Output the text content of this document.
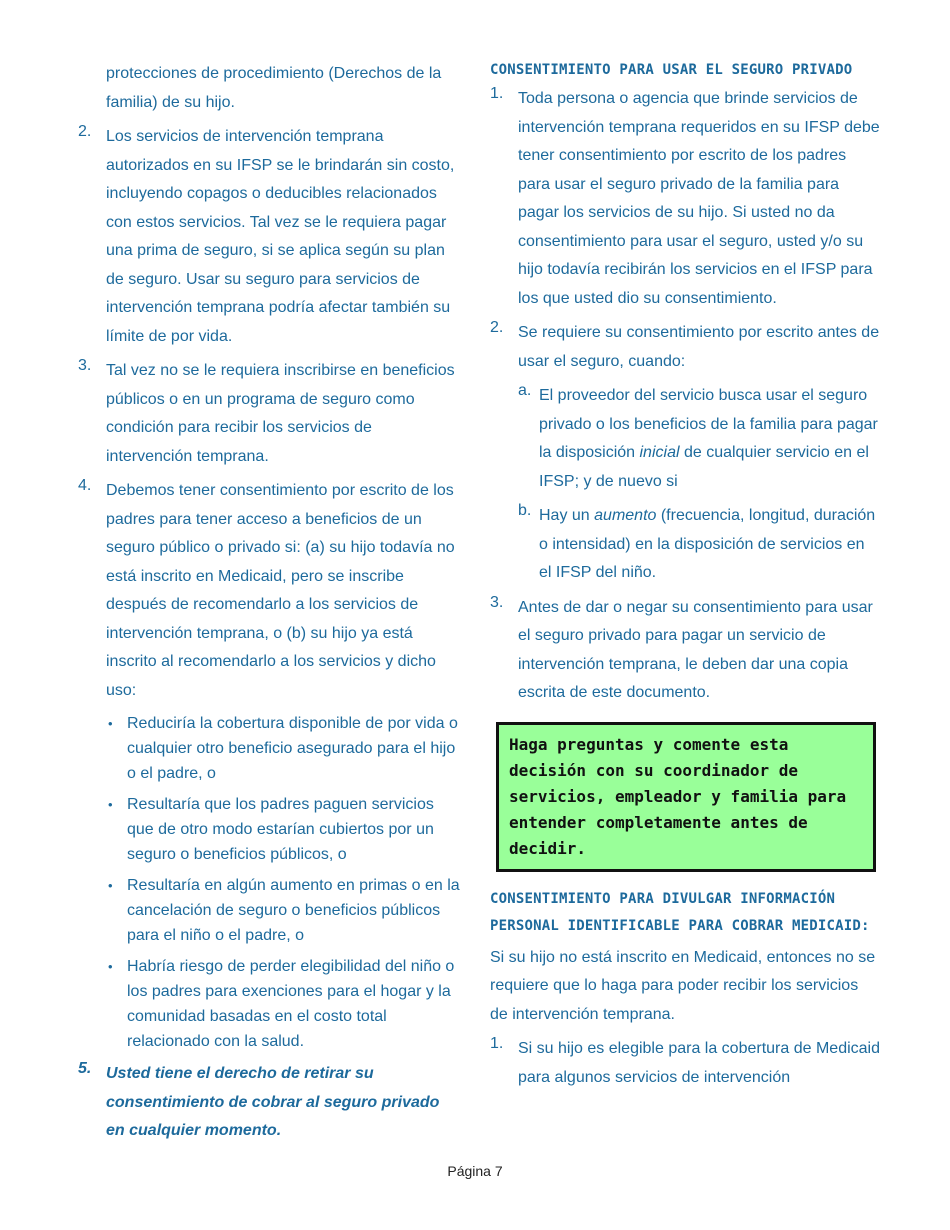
protecciones de procedimiento (Derechos de la familia) de su hijo.

2. Los servicios de intervención temprana autorizados en su IFSP se le brindarán sin costo, incluyendo copagos o deducibles relacionados con estos servicios. Tal vez se le requiera pagar una prima de seguro, si se aplica según su plan de seguro. Usar su seguro para servicios de intervención temprana podría afectar también su límite de por vida.

3. Tal vez no se le requiera inscribirse en beneficios públicos o en un programa de seguro como condición para recibir los servicios de intervención temprana.

4. Debemos tener consentimiento por escrito de los padres para tener acceso a beneficios de un seguro público o privado si: (a) su hijo todavía no está inscrito en Medicaid, pero se inscribe después de recomendarlo a los servicios de intervención temprana, o (b) su hijo ya está inscrito al recomendarlo a los servicios y dicho uso:

• Reduciría la cobertura disponible de por vida o cualquier otro beneficio asegurado para el hijo o el padre, o
• Resultaría que los padres paguen servicios que de otro modo estarían cubiertos por un seguro o beneficios públicos, o
• Resultaría en algún aumento en primas o en la cancelación de seguro o beneficios públicos para el niño o el padre, o
• Habría riesgo de perder elegibilidad del niño o los padres para exenciones para el hogar y la comunidad basadas en el costo total relacionado con la salud.
5. Usted tiene el derecho de retirar su consentimiento de cobrar al seguro privado en cualquier momento.

CONSENTIMIENTO PARA USAR EL SEGURO PRIVADO
1. Toda persona o agencia que brinde servicios de intervención temprana requeridos en su IFSP debe tener consentimiento por escrito de los padres para usar el seguro privado de la familia para pagar los servicios de su hijo. Si usted no da consentimiento para usar el seguro, usted y/o su hijo todavía recibirán los servicios en el IFSP para los que usted dio su consentimiento.

2. Se requiere su consentimiento por escrito antes de usar el seguro, cuando:

a. El proveedor del servicio busca usar el seguro privado o los beneficios de la familia para pagar la disposición inicial de cualquier servicio en el IFSP; y de nuevo si

b. Hay un aumento (frecuencia, longitud, duración o intensidad) en la disposición de servicios en el IFSP del niño.

3. Antes de dar o negar su consentimiento para usar el seguro privado para pagar un servicio de intervención temprana, le deben dar una copia escrita de este documento.

Haga preguntas y comente esta decisión con su coordinador de servicios, empleador y familia para entender completamente antes de decidir.
CONSENTIMIENTO PARA DIVULGAR INFORMACIÓN PERSONAL IDENTIFICABLE PARA COBRAR MEDICAID:

Si su hijo no está inscrito en Medicaid, entonces no se requiere que lo haga para poder recibir los servicios de intervención temprana.

1. Si su hijo es elegible para la cobertura de Medicaid para algunos servicios de intervención

Página 7
